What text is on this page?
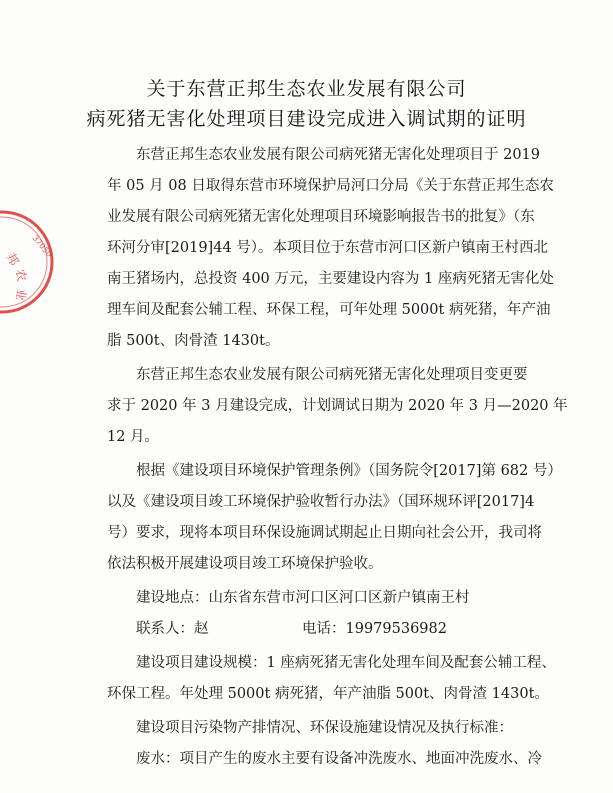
邦
农
业
37050
关于东营正邦生态农业发展有限公司
病死猪无害化处理项目建设完成进入调试期的证明
东营正邦生态农业发展有限公司病死猪无害化处理项目于 2019
年 05 月 08 日取得东营市环境保护局河口分局《关于东营正邦生态农
业发展有限公司病死猪无害化处理项目环境影响报告书的批复》（东
环河分审[2019]44 号）。本项目位于东营市河口区新户镇南王村西北
南王猪场内，总投资 400 万元，主要建设内容为 1 座病死猪无害化处
理车间及配套公辅工程、环保工程，可年处理 5000t 病死猪，年产油
脂 500t、肉骨渣 1430t。
东营正邦生态农业发展有限公司病死猪无害化处理项目变更要
求于 2020 年 3 月建设完成，计划调试日期为 2020 年 3 月—2020 年
12 月。
根据《建设项目环境保护管理条例》（国务院令[2017]第 682 号）
以及《建设项目竣工环境保护验收暂行办法》（国环规环评[2017]4
号）要求，现将本项目环保设施调试期起止日期向社会公开，我司将
依法积极开展建设项目竣工环境保护验收。
建设地点：山东省东营市河口区河口区新户镇南王村
联系人：赵	电话：19979536982
建设项目建设规模：1 座病死猪无害化处理车间及配套公辅工程、
环保工程。年处理 5000t 病死猪，年产油脂 500t、肉骨渣 1430t。
建设项目污染物产排情况、环保设施建设情况及执行标准：
废水：项目产生的废水主要有设备冲洗废水、地面冲洗废水、冷
